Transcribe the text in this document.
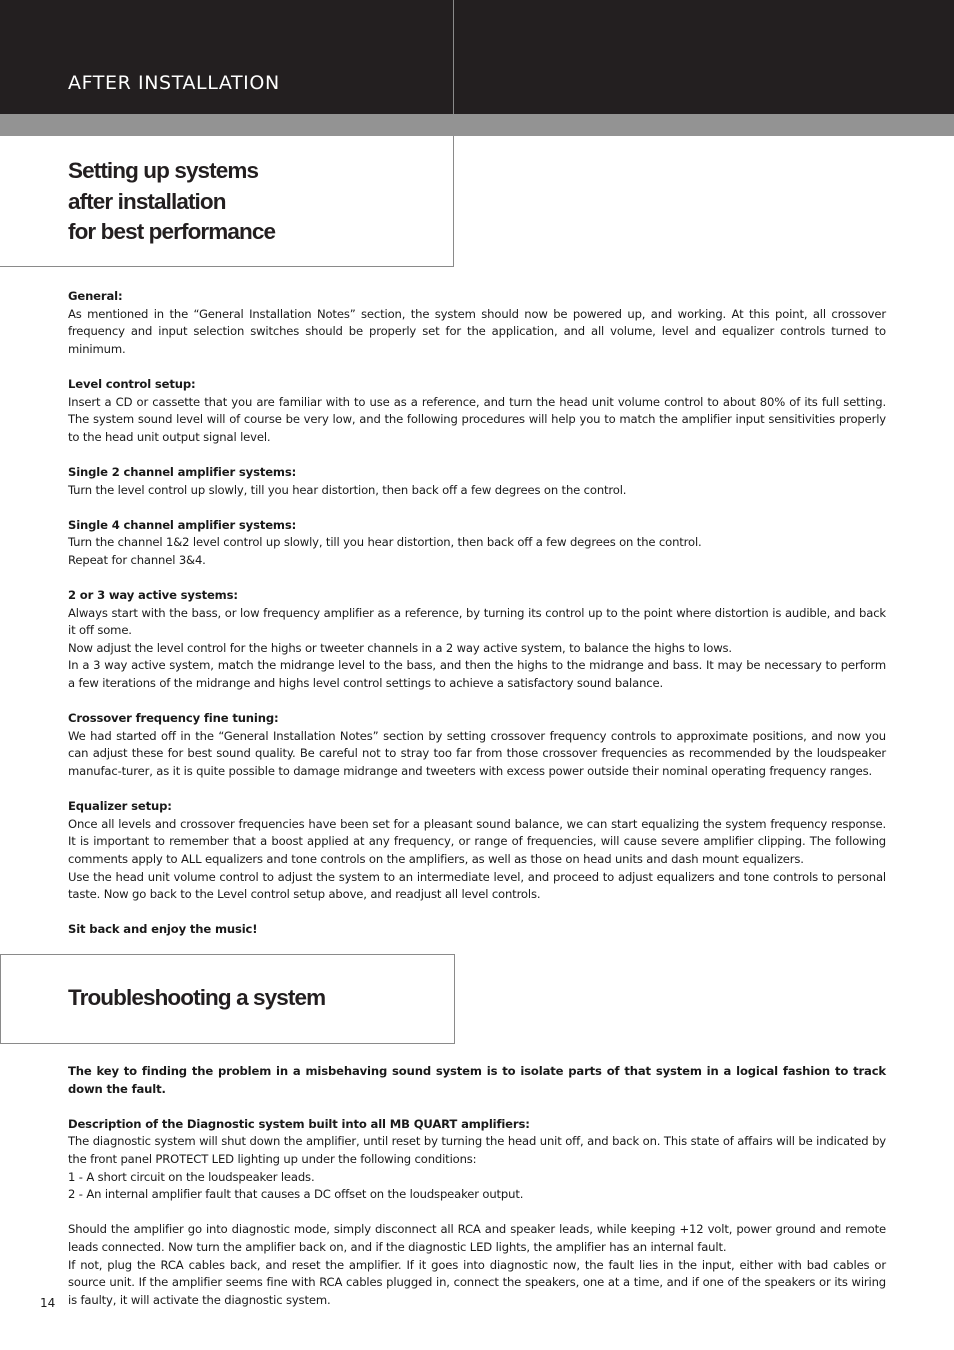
AFTER INSTALLATION
Setting up systems
after installation
for best performance

General:
As mentioned in the “General Installation Notes” section, the system should now be powered up, and working. At this point, all crossover frequency and input selection switches should be properly set for the application, and all volume, level and equalizer controls turned to minimum.

Level control setup:
Insert a CD or cassette that you are familiar with to use as a reference, and turn the head unit volume control to about 80% of its full setting. The system sound level will of course be very low, and the following procedures will help you to match the amplifier input sensitivities properly to the head unit output signal level.

Single 2 channel amplifier systems:
Turn the level control up slowly, till you hear distortion, then back off a few degrees on the control.

Single 4 channel amplifier systems:
Turn the channel 1&2 level control up slowly, till you hear distortion, then back off a few degrees on the control.
Repeat for channel 3&4.

2 or 3 way active systems:
Always start with the bass, or low frequency amplifier as a reference, by turning its control up to the point where distortion is audible, and back it off some.
Now adjust the level control for the highs or tweeter channels in a 2 way active system, to balance the highs to lows.
In a 3 way active system, match the midrange level to the bass, and then the highs to the midrange and bass. It may be necessary to perform a few iterations of the midrange and highs level control settings to achieve a satisfactory sound balance.

Crossover frequency fine tuning:
We had started off in the “General Installation Notes” section by setting crossover frequency controls to approximate positions, and now you can adjust these for best sound quality. Be careful not to stray too far from those crossover frequencies as recommended by the loudspeaker manufac-turer, as it is quite possible to damage midrange and tweeters with excess power outside their nominal operating frequency ranges.

Equalizer setup:
Once all levels and crossover frequencies have been set for a pleasant sound balance, we can start equalizing the system frequency response. It is important to remember that a boost applied at any frequency, or range of frequencies, will cause severe amplifier clipping. The following comments apply to ALL equalizers and tone controls on the amplifiers, as well as those on head units and dash mount equalizers.
Use the head unit volume control to adjust the system to an intermediate level, and proceed to adjust equalizers and tone controls to personal taste. Now go back to the Level control setup above, and readjust all level controls.

Sit back and enjoy the music!

Troubleshooting a system

The key to finding the problem in a misbehaving sound system is to isolate parts of that system in a logical fashion to track down the fault.

Description of the Diagnostic system built into all MB QUART amplifiers:
The diagnostic system will shut down the amplifier, until reset by turning the head unit off, and back on. This state of affairs will be indicated by the front panel PROTECT LED lighting up under the following conditions:
1 - A short circuit on the loudspeaker leads.
2 - An internal amplifier fault that causes a DC offset on the loudspeaker output.

Should the amplifier go into diagnostic mode, simply disconnect all RCA and speaker leads, while keeping +12 volt, power ground and remote leads connected. Now turn the amplifier back on, and if the diagnostic LED lights, the amplifier has an internal fault.
If not, plug the RCA cables back, and reset the amplifier. If it goes into diagnostic now, the fault lies in the input, either with bad cables or source unit. If the amplifier seems fine with RCA cables plugged in, connect the speakers, one at a time, and if one of the speakers or its wiring is faulty, it will activate the diagnostic system.

14
